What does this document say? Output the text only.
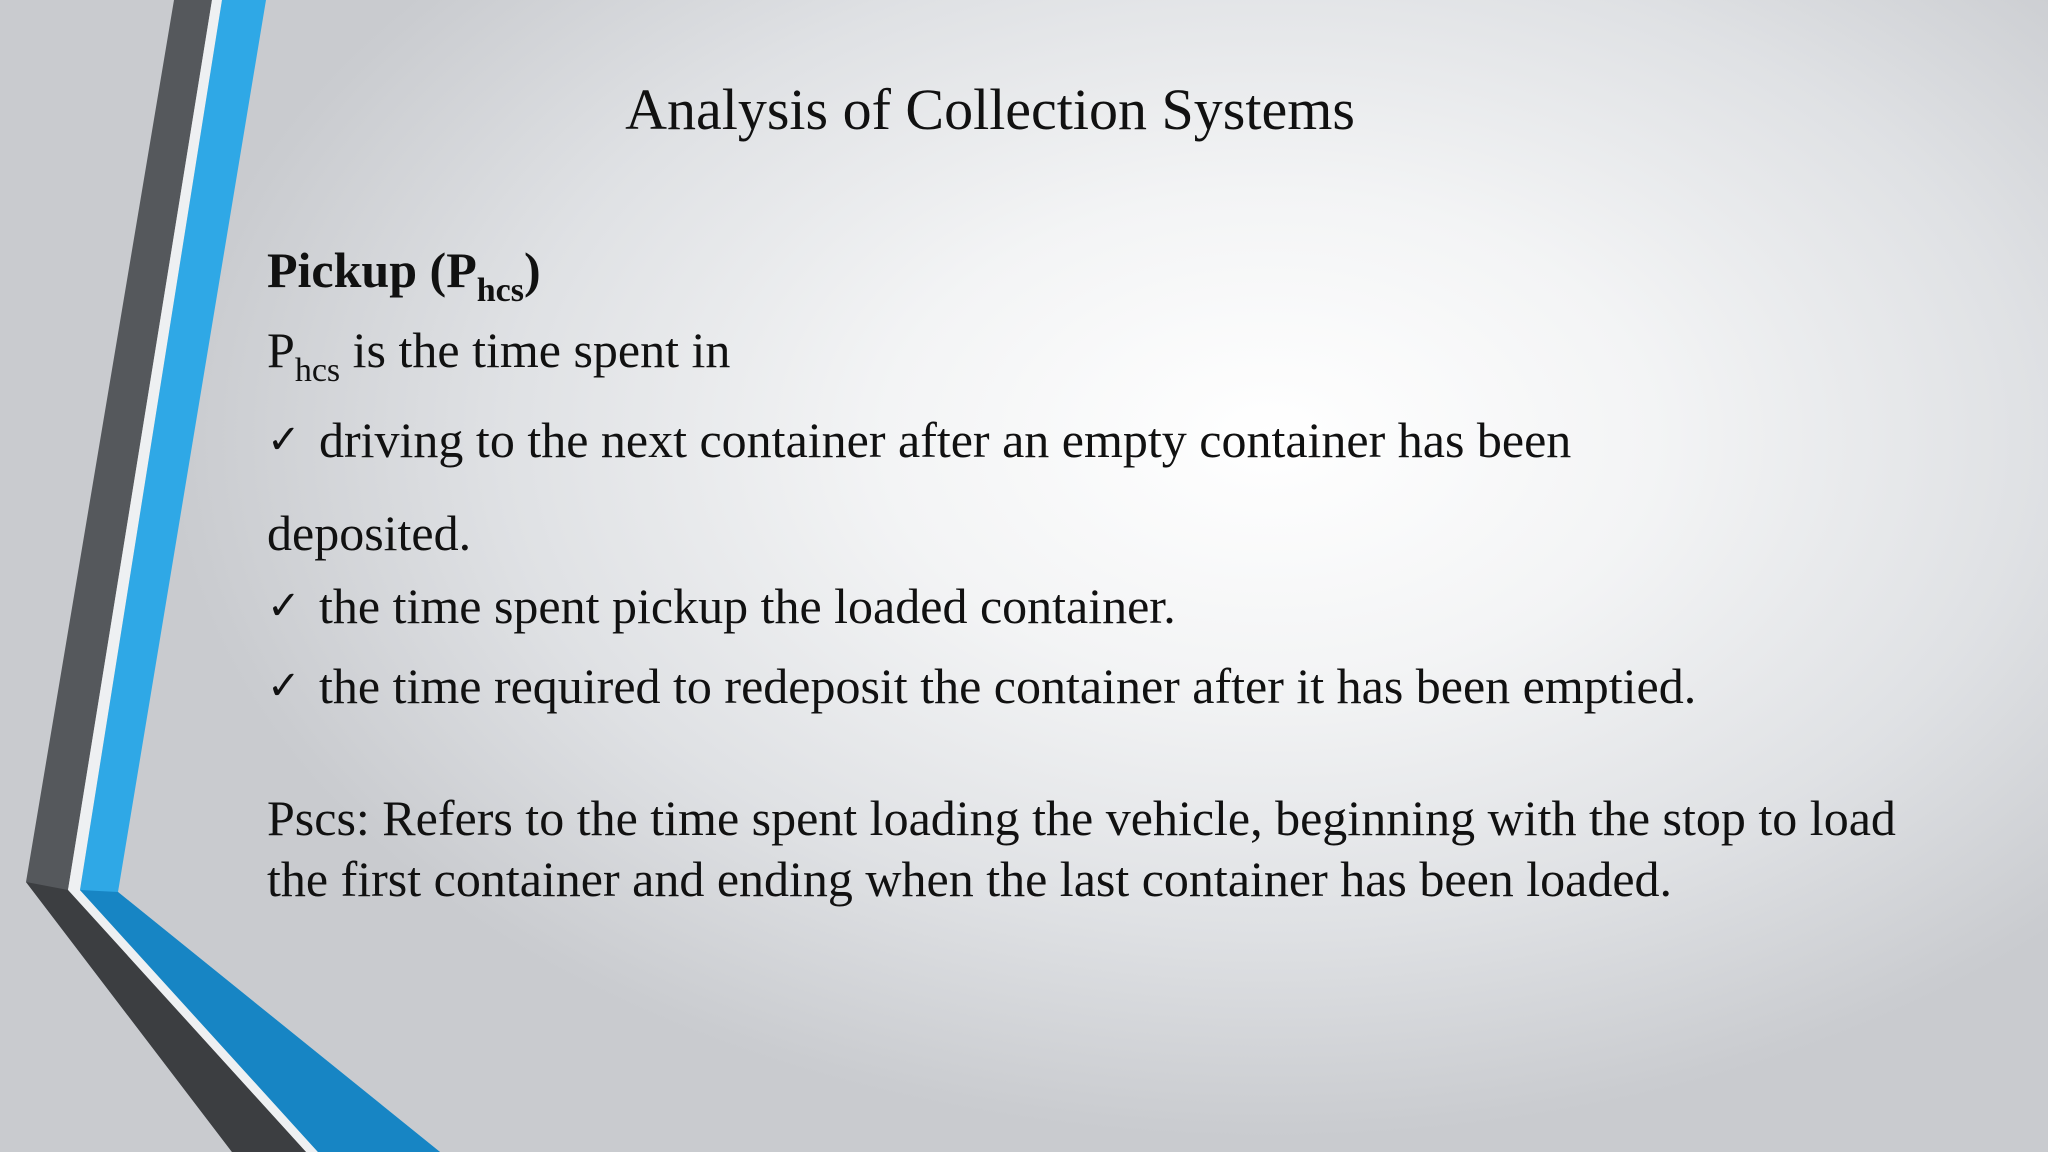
Analysis of Collection Systems
Pickup $(P_{hcs})$
$P_{hcs}$ is the time spent in
✓ driving to the next container after an empty container has been
deposited.
✓ the time spent pickup the loaded container.
✓ the time required to redeposit the container after it has been emptied.
Pscs: Refers to the time spent loading the vehicle, beginning with the stop to load the first container and ending when the last container has been loaded.
